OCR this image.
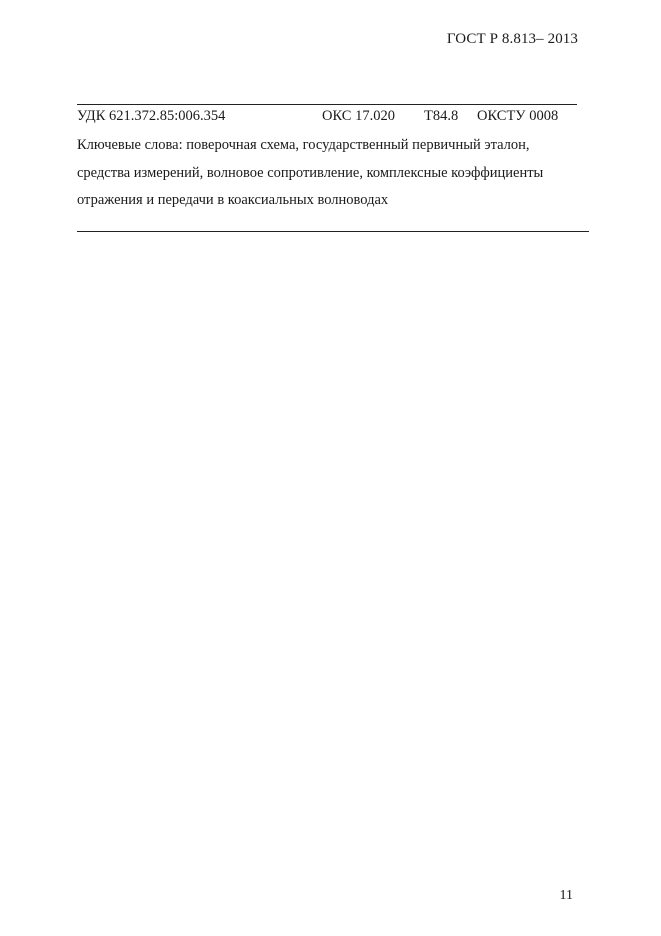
ГОСТ Р 8.813– 2013
УДК 621.372.85:006.354	ОКС 17.020 Т84.8 ОКСТУ 0008
Ключевые слова: поверочная схема, государственный первичный эталон,
средства измерений, волновое сопротивление, комплексные коэффициенты
отражения и передачи в коаксиальных волноводах
11
